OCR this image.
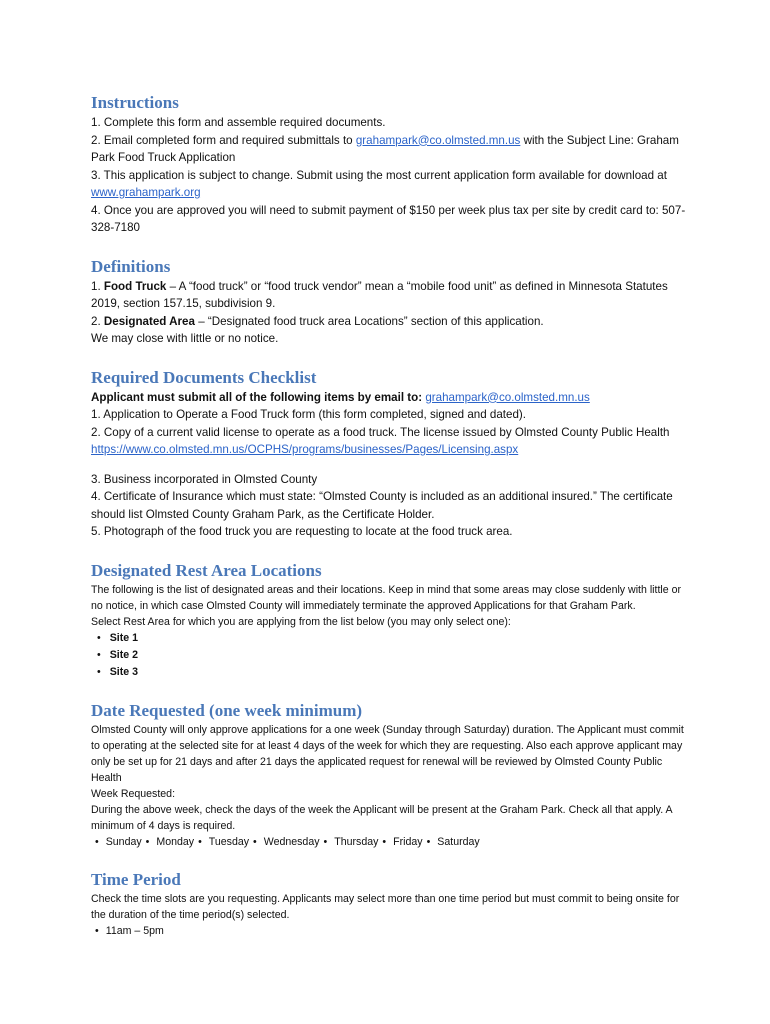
Instructions

1. Complete this form and assemble required documents.

2. Email completed form and required submittals to grahampark@co.olmsted.mn.us with the Subject Line: Graham Park Food Truck Application

3. This application is subject to change. Submit using the most current application form available for download at www.grahampark.org

4. Once you are approved you will need to submit payment of $150 per week plus tax per site by credit card to: 507-328-7180

Definitions

1. Food Truck – A “food truck” or “food truck vendor” mean a “mobile food unit” as defined in Minnesota Statutes 2019, section 157.15, subdivision 9.

2. Designated Area – “Designated food truck area Locations” section of this application.

We may close with little or no notice.

Required Documents Checklist

Applicant must submit all of the following items by email to: grahampark@co.olmsted.mn.us

1. Application to Operate a Food Truck form (this form completed, signed and dated).

2. Copy of a current valid license to operate as a food truck. The license issued by Olmsted County Public Health https://www.co.olmsted.mn.us/OCPHS/programs/businesses/Pages/Licensing.aspx

3. Business incorporated in Olmsted County

4. Certificate of Insurance which must state: “Olmsted County is included as an additional insured.” The certificate should list Olmsted County Graham Park, as the Certificate Holder.

5. Photograph of the food truck you are requesting to locate at the food truck area.

Designated Rest Area Locations

The following is the list of designated areas and their locations. Keep in mind that some areas may close suddenly with little or no notice, in which case Olmsted County will immediately terminate the approved Applications for that Graham Park.

Select Rest Area for which you are applying from the list below (you may only select one):

• Site 1
• Site 2
• Site 3
Date Requested (one week minimum)

Olmsted County will only approve applications for a one week (Sunday through Saturday) duration. The Applicant must commit to operating at the selected site for at least 4 days of the week for which they are requesting. Also each approve applicant may only be set up for 21 days and after 21 days the applicated request for renewal will be reviewed by Olmsted County Public Health

Week Requested:

During the above week, check the days of the week the Applicant will be present at the Graham Park. Check all that apply. A minimum of 4 days is required.

• Sunday	• Monday	• Tuesday	• Wednesday	• Thursday	• Friday	• Saturday
Time Period

Check the time slots are you requesting. Applicants may select more than one time period but must commit to being onsite for the duration of the time period(s) selected.

• 11am – 5pm
